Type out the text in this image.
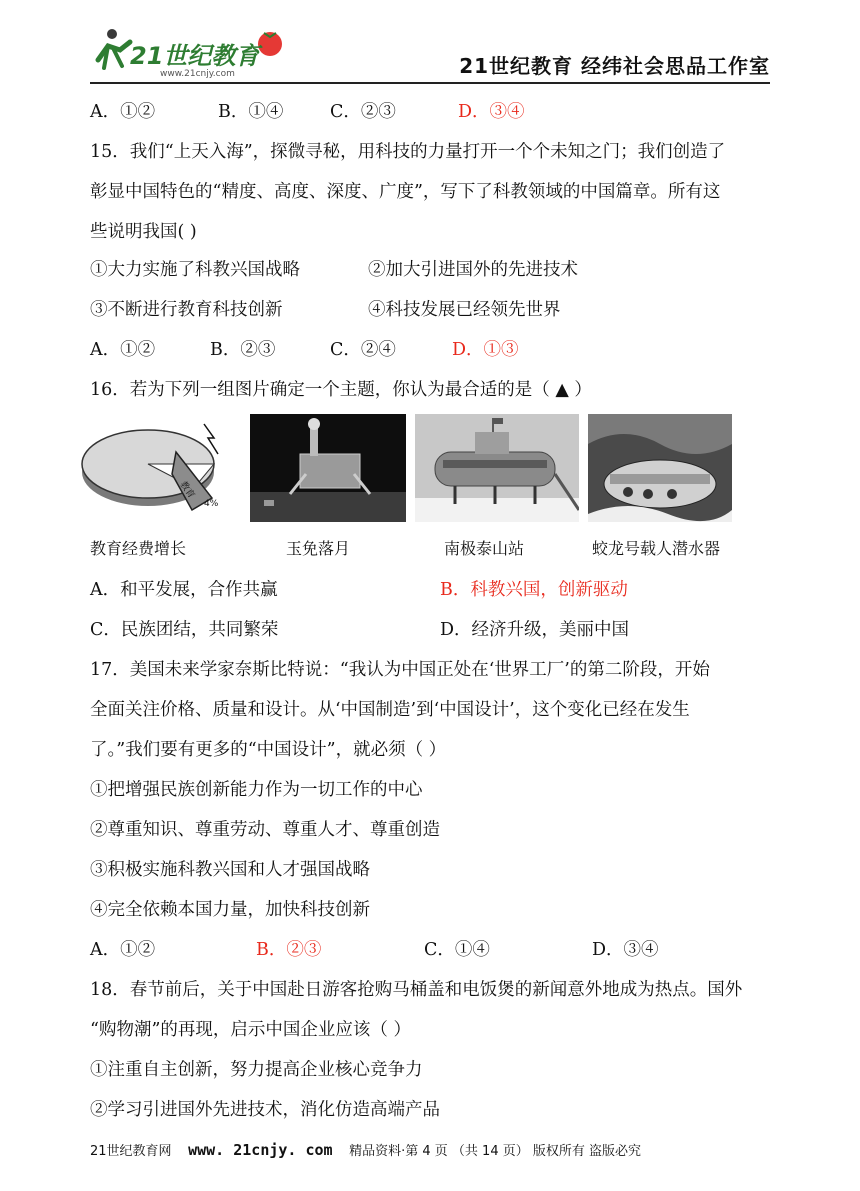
21世纪教育
www.21cnjy.com	21世纪教育 经纬社会思品工作室
A．①②	B．①④	C．②③	D．③④
15．我们“上天入海”，探微寻秘，用科技的力量打开一个个未知之门；我们创造了
彰显中国特色的“精度、高度、深度、广度”，写下了科教领域的中国篇章。所有这
些说明我国( )
①大力实施了科教兴国战略	②加大引进国外的先进技术
③不断进行教育科技创新	④科技发展已经领先世界
A．①②	B．②③	C．②④	D．①③
16．若为下列一组图片确定一个主题，你认为最合适的是（ ▲ ）
教育
4%
教育经费增长	玉免落月	南极泰山站	蛟龙号载人潜水器
A．和平发展，合作共赢	B．科教兴国，创新驱动
C．民族团结，共同繁荣	D．经济升级，美丽中国
17．美国未来学家奈斯比特说：“我认为中国正处在‘世界工厂’的第二阶段，开始
全面关注价格、质量和设计。从‘中国制造’到‘中国设计’，这个变化已经在发生
了。”我们要有更多的“中国设计”，就必须（ ）
①把增强民族创新能力作为一切工作的中心
②尊重知识、尊重劳动、尊重人才、尊重创造
③积极实施科教兴国和人才强国战略
④完全依赖本国力量，加快科技创新
A．①②	B．②③	C．①④	D．③④
18．春节前后，关于中国赴日游客抢购马桶盖和电饭煲的新闻意外地成为热点。国外
“购物潮”的再现，启示中国企业应该（ ）
①注重自主创新，努力提高企业核心竞争力
②学习引进国外先进技术，消化仿造高端产品
21世纪教育网 www. 21cnjy. com 精品资料·第 4 页 （共 14 页） 版权所有 盗版必究
